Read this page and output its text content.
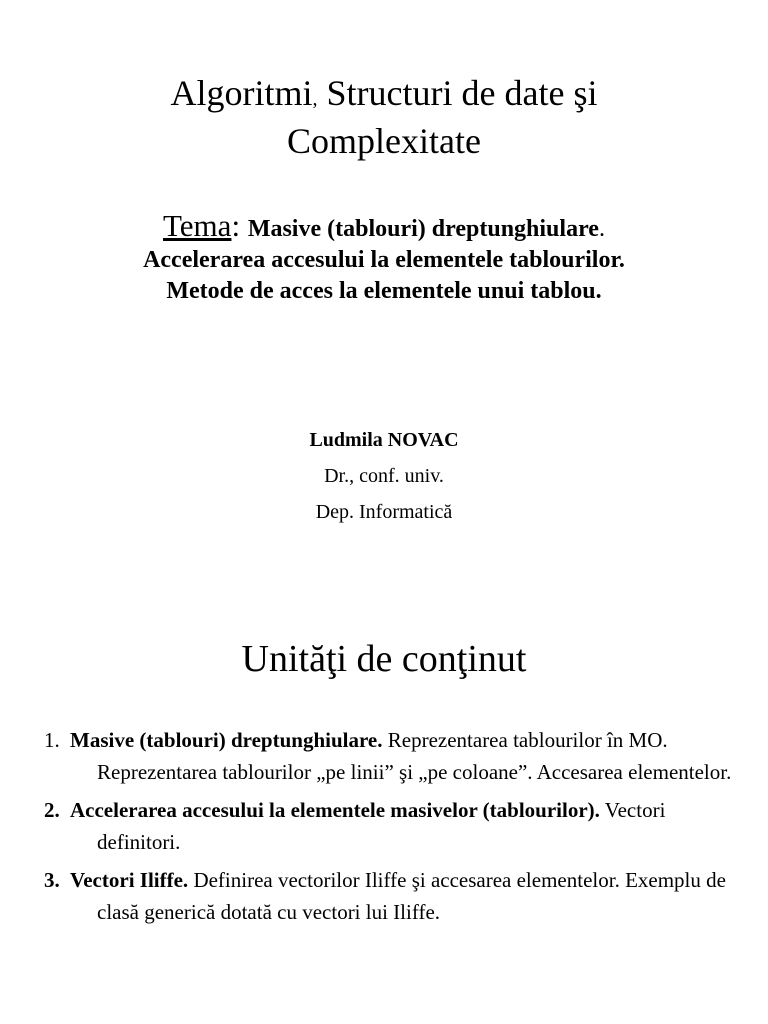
Algoritmi, Structuri de date şi
Complexitate
Tema: Masive (tablouri) dreptunghiulare.
Accelerarea accesului la elementele tablourilor.
Metode de acces la elementele unui tablou.
Ludmila NOVAC
Dr., conf. univ.
Dep. Informatică
Unităţi de conţinut
1. Masive (tablouri) dreptunghiulare. Reprezentarea tablourilor în MO. Reprezentarea tablourilor „pe linii” şi „pe coloane”. Accesarea elementelor.
2. Accelerarea accesului la elementele masivelor (tablourilor). Vectori definitori.
3. Vectori Iliffe. Definirea vectorilor Iliffe şi accesarea elementelor. Exemplu de clasă generică dotată cu vectori lui Iliffe.
